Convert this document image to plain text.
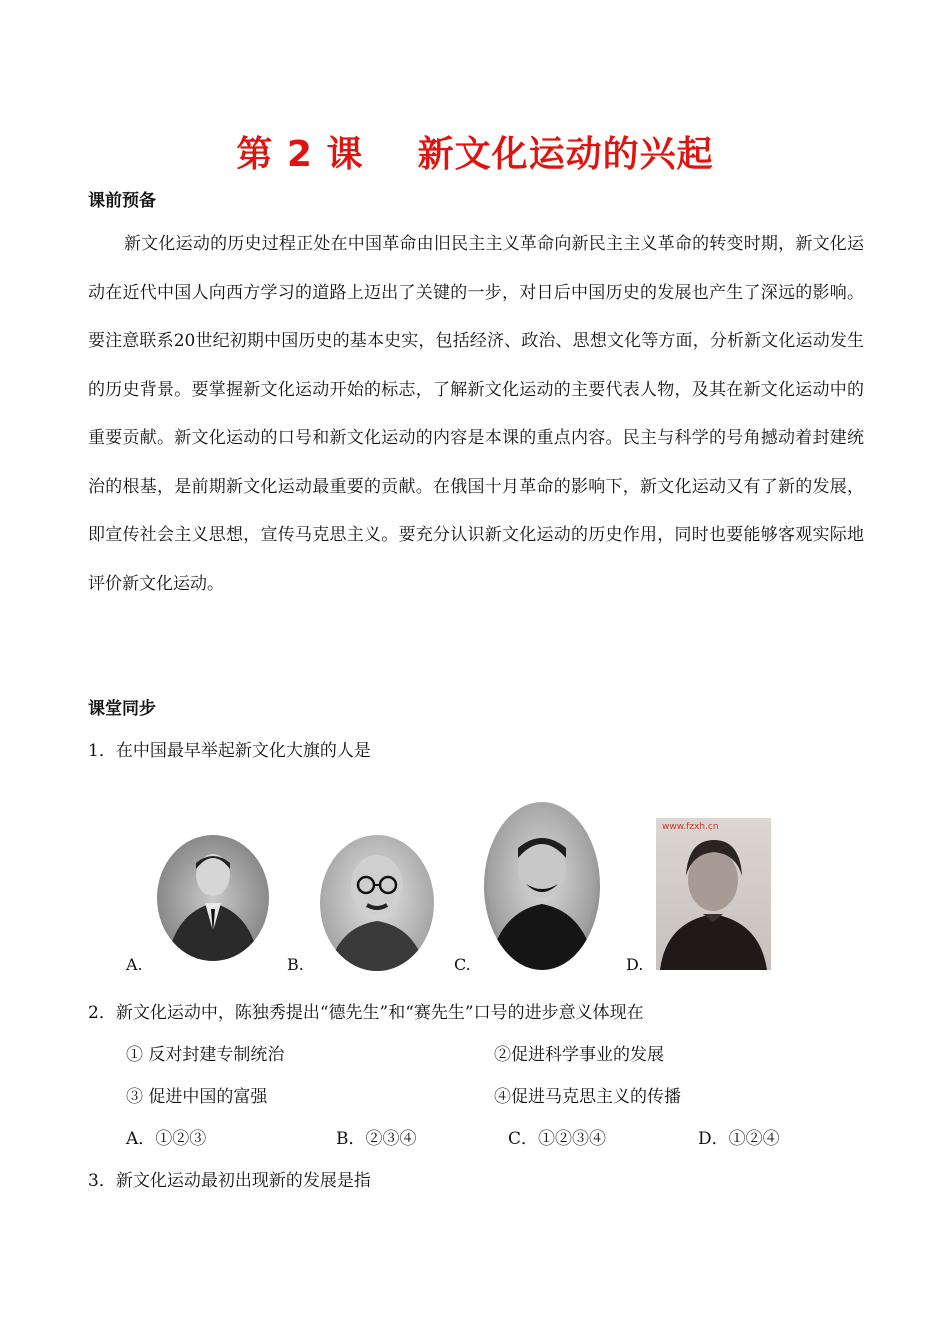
第 2 课    新文化运动的兴起
课前预备
新文化运动的历史过程正处在中国革命由旧民主主义革命向新民主主义革命的转变时期，新文化运动在近代中国人向西方学习的道路上迈出了关键的一步，对日后中国历史的发展也产生了深远的影响。要注意联系20世纪初期中国历史的基本史实，包括经济、政治、思想文化等方面，分析新文化运动发生的历史背景。要掌握新文化运动开始的标志，了解新文化运动的主要代表人物，及其在新文化运动中的重要贡献。新文化运动的口号和新文化运动的内容是本课的重点内容。民主与科学的号角撼动着封建统治的根基，是前期新文化运动最重要的贡献。在俄国十月革命的影响下，新文化运动又有了新的发展，即宣传社会主义思想，宣传马克思主义。要充分认识新文化运动的历史作用，同时也要能够客观实际地评价新文化运动。
课堂同步
1．在中国最早举起新文化大旗的人是
A.	B.	C.
www.fzxh.cn
D.
2．新文化运动中，陈独秀提出“德先生”和“赛先生”口号的进步意义体现在
① 反对封建专制统治	②促进科学事业的发展
③ 促进中国的富强	④促进马克思主义的传播
A．①②③	B．②③④	C．①②③④	D．①②④
3．新文化运动最初出现新的发展是指
